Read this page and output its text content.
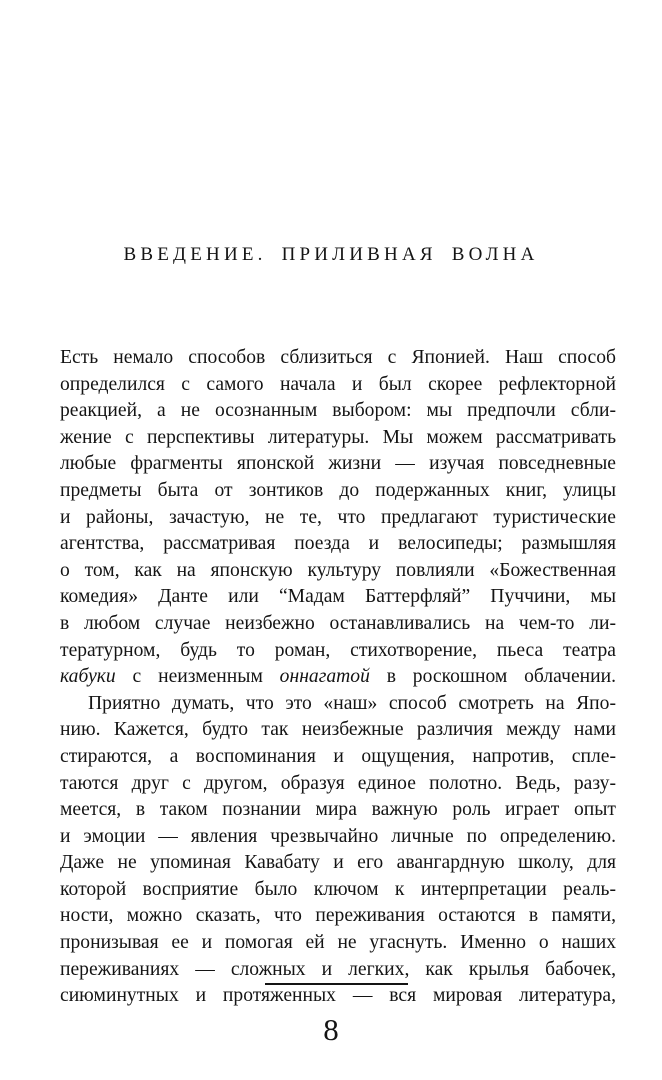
ВВЕДЕНИЕ. ПРИЛИВНАЯ ВОЛНА
Есть немало способов сблизиться с Японией. Наш способ
определился с самого начала и был скорее рефлекторной
реакцией, а не осознанным выбором: мы предпочли сбли-
жение с перспективы литературы. Мы можем рассматривать
любые фрагменты японской жизни — изучая повседневные
предметы быта от зонтиков до подержанных книг, улицы
и районы, зачастую, не те, что предлагают туристические
агентства, рассматривая поезда и велосипеды; размышляя
о том, как на японскую культуру повлияли «Божественная
комедия» Данте или “Мадам Баттерфляй” Пуччини, мы
в любом случае неизбежно останавливались на чем-то ли-
тературном, будь то роман, стихотворение, пьеса театра
кабуки с неизменным оннагатой в роскошном облачении.
Приятно думать, что это «наш» способ смотреть на Япо-
нию. Кажется, будто так неизбежные различия между нами
стираются, а воспоминания и ощущения, напротив, спле-
таются друг с другом, образуя единое полотно. Ведь, разу-
меется, в таком познании мира важную роль играет опыт
и эмоции — явления чрезвычайно личные по определению.
Даже не упоминая Кавабату и его авангардную школу, для
которой восприятие было ключом к интерпретации реаль-
ности, можно сказать, что переживания остаются в памяти,
пронизывая ее и помогая ей не угаснуть. Именно о наших
переживаниях — сложных и легких, как крылья бабочек,
сиюминутных и протяженных — вся мировая литература,
8
